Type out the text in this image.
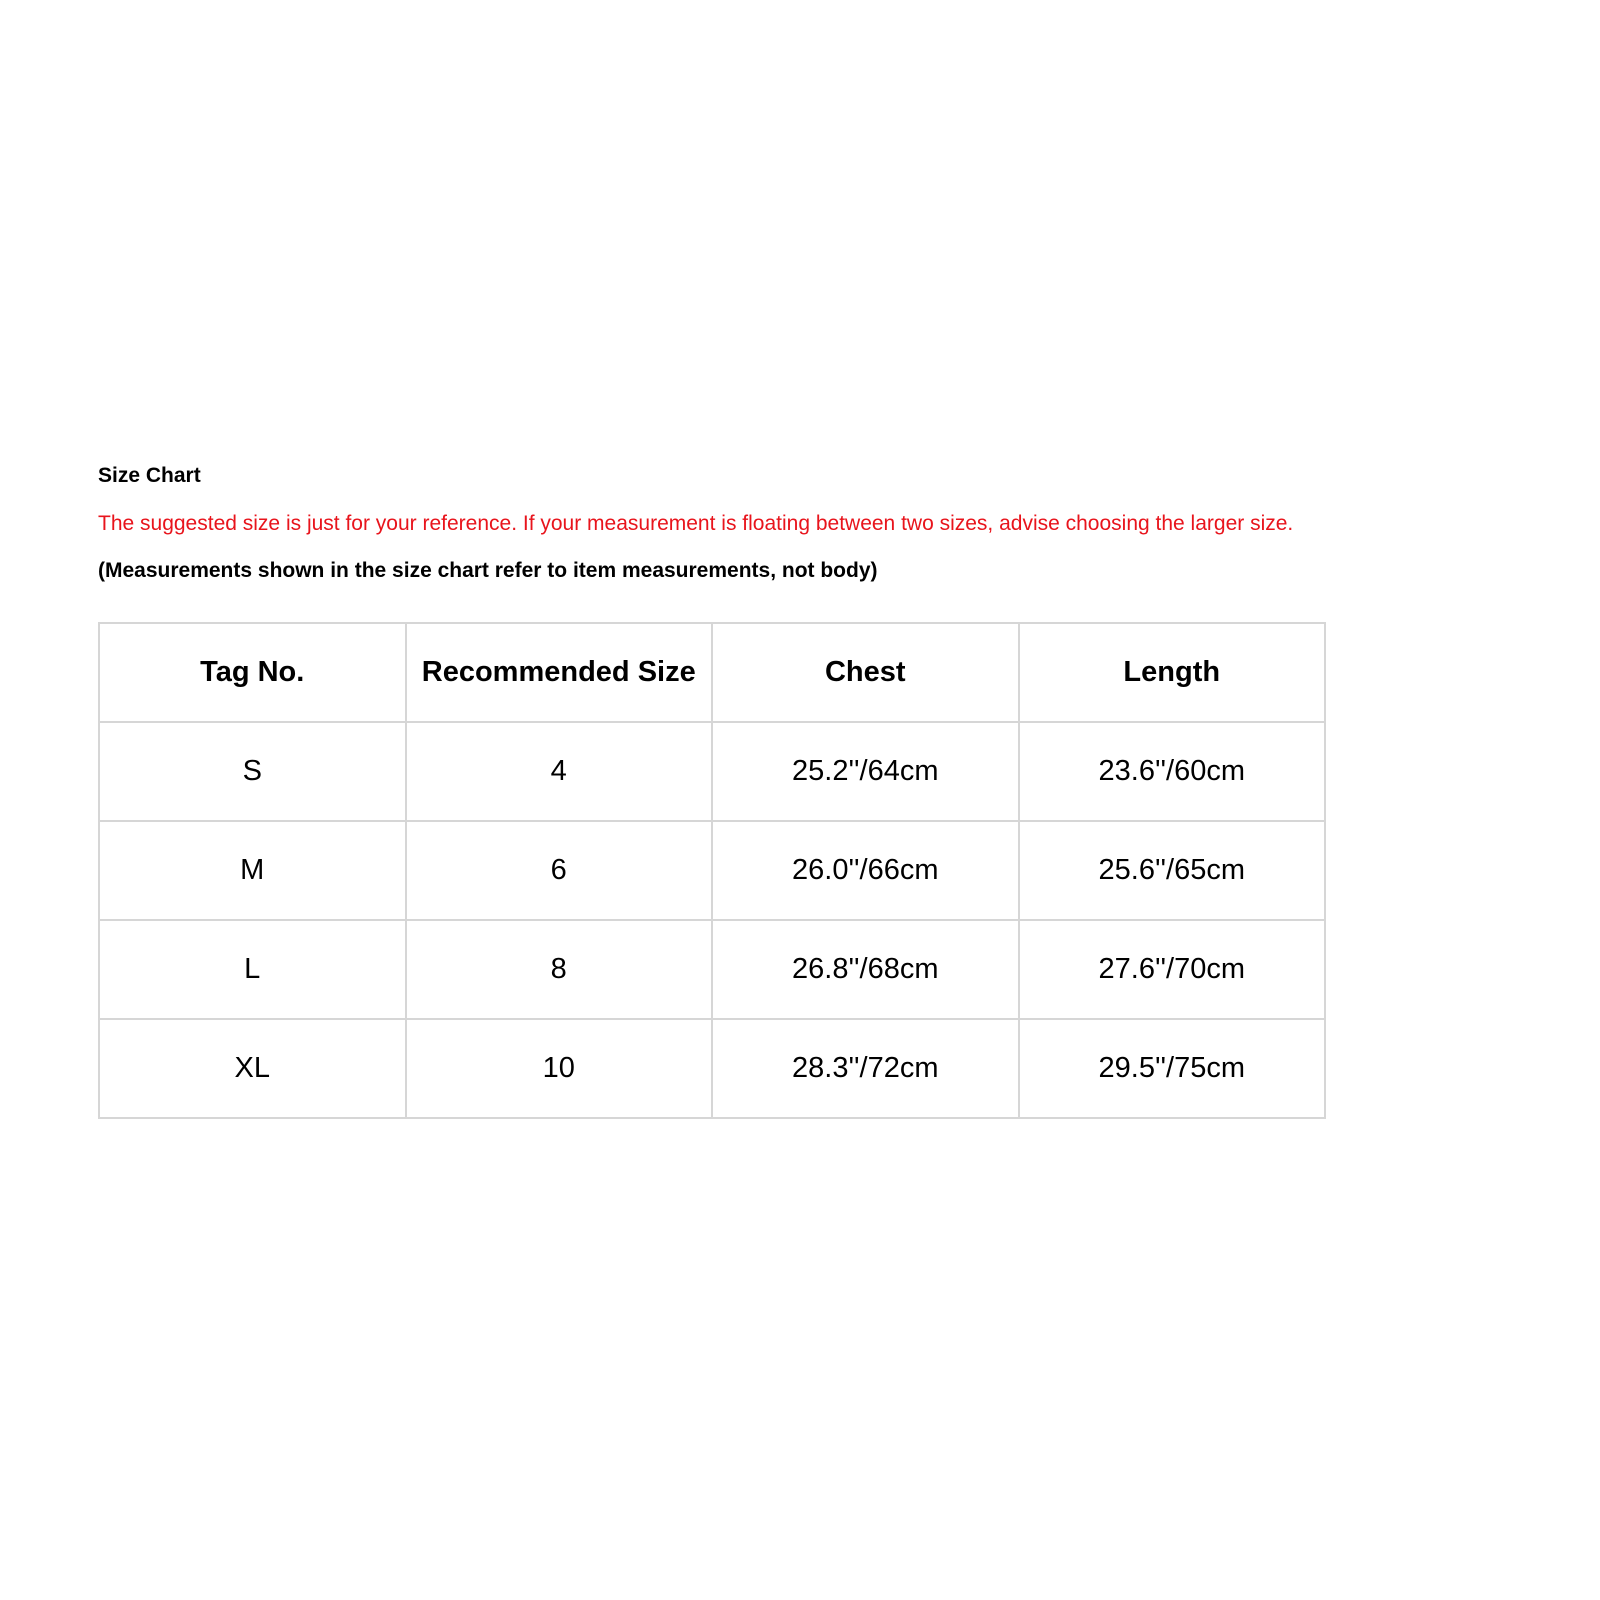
Size Chart

The suggested size is just for your reference. If your measurement is floating between two sizes, advise choosing the larger size.

(Measurements shown in the size chart refer to item measurements, not body)

Tag No.	Recommended Size	Chest	Length
S	4	25.2''/64cm	23.6''/60cm
M	6	26.0''/66cm	25.6''/65cm
L	8	26.8''/68cm	27.6''/70cm
XL	10	28.3''/72cm	29.5''/75cm
